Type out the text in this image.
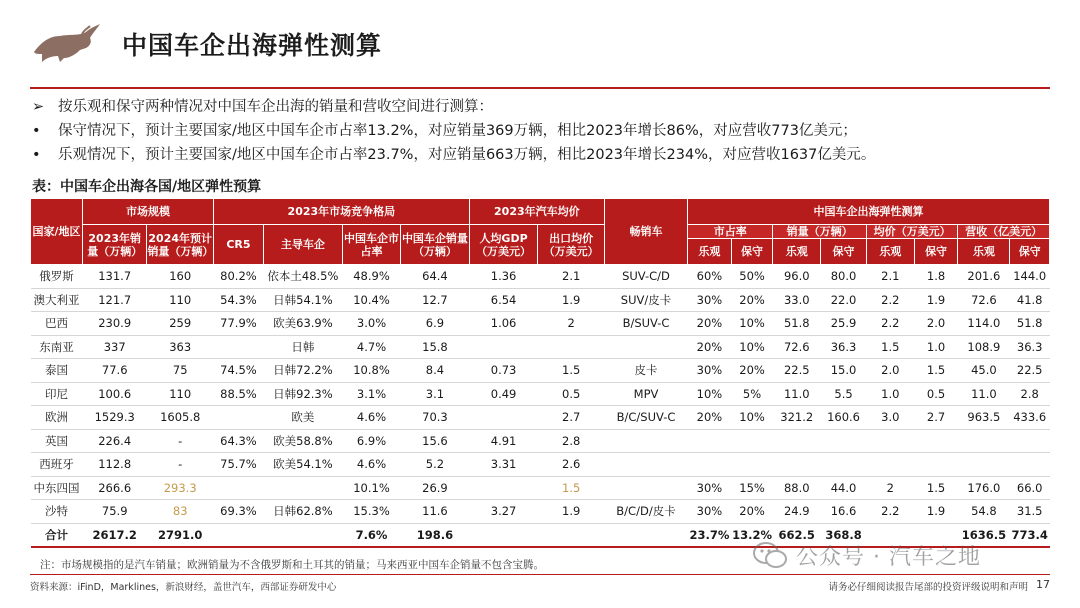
中国车企出海弹性测算
➢ 按乐观和保守两种情况对中国车企出海的销量和营收空间进行测算：
•	保守情况下，预计主要国家/地区中国车企市占率13.2%，对应销量369万辆，相比2023年增长86%，对应营收773亿美元；
•	乐观情况下，预计主要国家/地区中国车企市占率23.7%，对应销量663万辆，相比2023年增长234%，对应营收1637亿美元。
表：中国车企出海各国/地区弹性预算
国家/地区	市场规模		2023年市场竞争格局				2023年汽车均价		畅销车	中国车企出海弹性测算							
	2023年销量（万辆）	2024年预计销量（万辆）	CR5	主导车企	中国车企市占率	中国车企销量（万辆）	人均GDP（万美元）	出口均价（万美元）		市占率		销量（万辆）		均价（万美元）		营收（亿美元）	
										乐观	保守	乐观	保守	乐观	保守	乐观	保守
俄罗斯	131.7	160	80.2%	依本土48.5%	48.9%	64.4	1.36	2.1	SUV-C/D	60%	50%	96.0	80.0	2.1	1.8	201.6	144.0
澳大利亚	121.7	110	54.3%	日韩54.1%	10.4%	12.7	6.54	1.9	SUV/皮卡	30%	20%	33.0	22.0	2.2	1.9	72.6	41.8
巴西	230.9	259	77.9%	欧美63.9%	3.0%	6.9	1.06	2	B/SUV-C	20%	10%	51.8	25.9	2.2	2.0	114.0	51.8
东南亚	337	363		日韩	4.7%	15.8				20%	10%	72.6	36.3	1.5	1.0	108.9	36.3
泰国	77.6	75	74.5%	日韩72.2%	10.8%	8.4	0.73	1.5	皮卡	30%	20%	22.5	15.0	2.0	1.5	45.0	22.5
印尼	100.6	110	88.5%	日韩92.3%	3.1%	3.1	0.49	0.5	MPV	10%	5%	11.0	5.5	1.0	0.5	11.0	2.8
欧洲	1529.3	1605.8		欧美	4.6%	70.3		2.7	B/C/SUV-C	20%	10%	321.2	160.6	3.0	2.7	963.5	433.6
英国	226.4	-	64.3%	欧美58.8%	6.9%	15.6	4.91	2.8									
西班牙	112.8	-	75.7%	欧美54.1%	4.6%	5.2	3.31	2.6									
中东四国	266.6	293.3			10.1%	26.9		1.5		30%	15%	88.0	44.0	2	1.5	176.0	66.0
沙特	75.9	83	69.3%	日韩62.8%	15.3%	11.6	3.27	1.9	B/C/D/皮卡	30%	20%	24.9	16.6	2.2	1.9	54.8	31.5
合计	2617.2	2791.0			7.6%	198.6				23.7%	13.2%	662.5	368.8			1636.5	773.4
注：市场规模指的是汽车销量；欧洲销量为不含俄罗斯和土耳其的销量；马来西亚中国车企销量不包含宝腾。
资料来源：iFinD，Marklines，新浪财经，盖世汽车，西部证券研发中心	请务必仔细阅读报告尾部的投资评级说明和声明 17
公众号 · 汽车之地
